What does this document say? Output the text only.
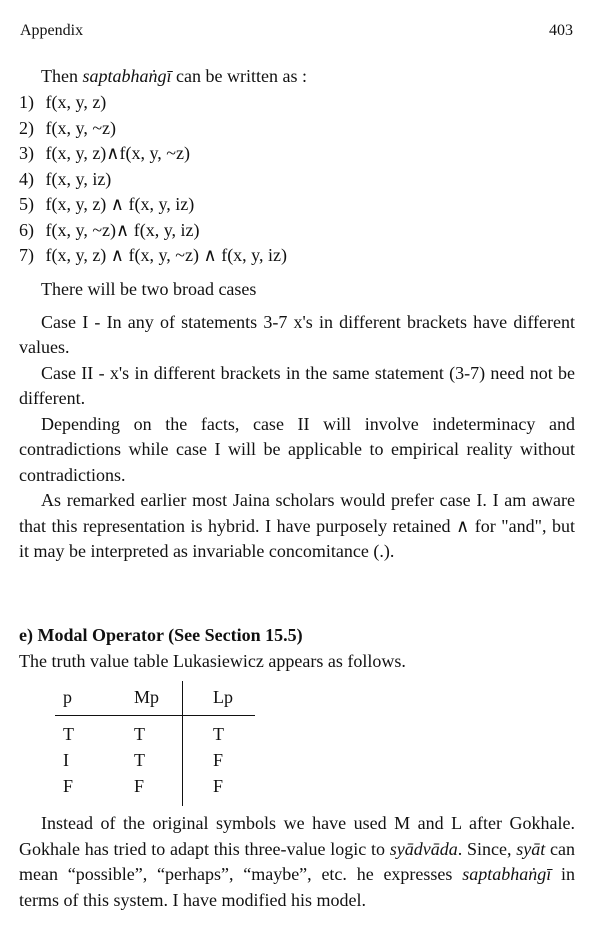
Appendix	403
Then saptabhaṅgī can be written as :
1) f(x, y, z)
2) f(x, y, ~z)
3) f(x, y, z)∧f(x, y, ~z)
4) f(x, y, iz)
5) f(x, y, z) ∧ f(x, y, iz)
6) f(x, y, ~z)∧ f(x, y, iz)
7) f(x, y, z) ∧ f(x, y, ~z) ∧ f(x, y, iz)

There will be two broad cases

Case I - In any of statements 3-7 x's in different brackets have different values.

Case II - x's in different brackets in the same statement (3-7) need not be different.

Depending on the facts, case II will involve indeterminacy and contradictions while case I will be applicable to empirical reality without contradictions.

As remarked earlier most Jaina scholars would prefer case I. I am aware that this representation is hybrid. I have purposely retained ∧ for "and", but it may be interpreted as invariable concomitance (.).

e) Modal Operator (See Section 15.5)
The truth value table Lukasiewicz appears as follows.
p	Mp	Lp
T	T	T
I	T	F
F	F	F

Instead of the original symbols we have used M and L after Gokhale. Gokhale has tried to adapt this three-value logic to syādvāda. Since, syāt can mean “possible”, “perhaps”, “maybe”, etc. he expresses saptabhaṅgī in terms of this system. I have modified his model.
